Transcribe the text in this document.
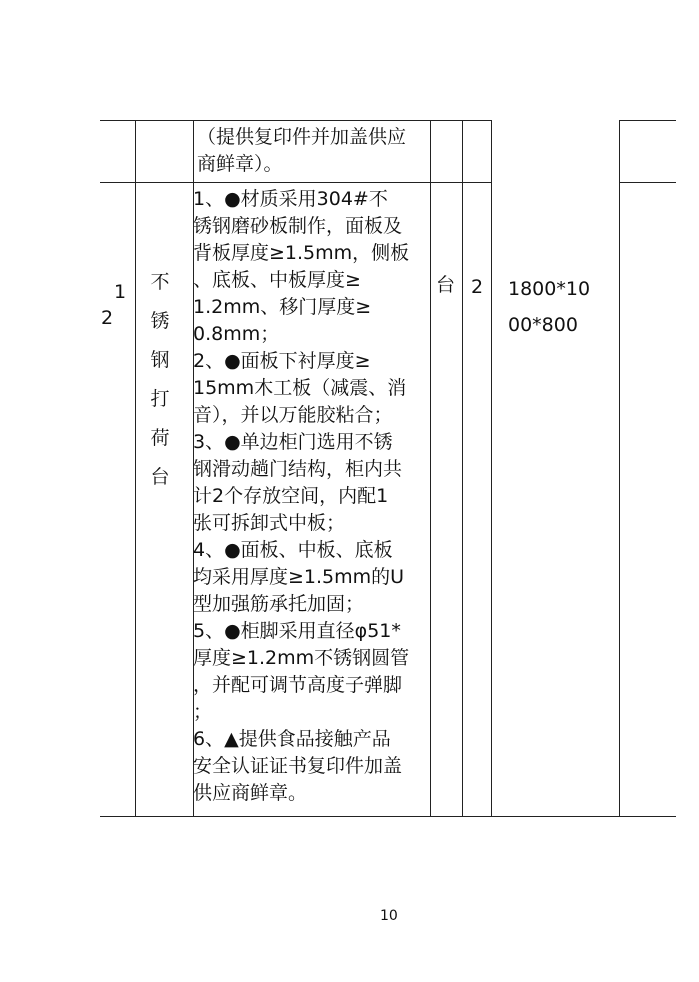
（提供复印件并加盖供应
商鲜章）。
1
2
不
锈
钢
打
荷
台
1、●材质采用304#不
锈钢磨砂板制作，面板及
背板厚度≥1.5mm，侧板
、底板、中板厚度≥
1.2mm、移门厚度≥
0.8mm；
2、●面板下衬厚度≥
15mm木工板（减震、消
音），并以万能胶粘合；
3、●单边柜门选用不锈
钢滑动趟门结构，柜内共
计2个存放空间，内配1
张可拆卸式中板；
4、●面板、中板、底板
均采用厚度≥1.5mm的U
型加强筋承托加固；
5、●柜脚采用直径φ51*
厚度≥1.2mm不锈钢圆管
，并配可调节高度子弹脚
；
6、▲提供食品接触产品
安全认证证书复印件加盖
供应商鲜章。
台 2 1800*10
00*800
10
